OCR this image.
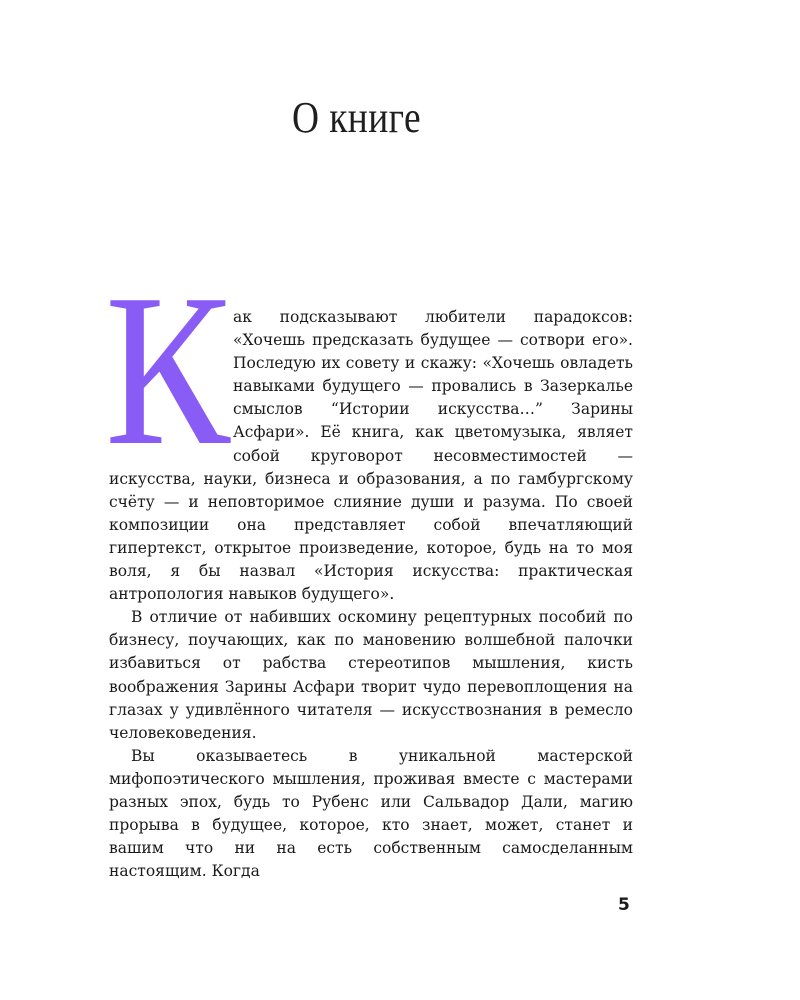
О книге

Как подсказывают любители парадоксов: «Хочешь предсказать будущее — сотвори его». Последую их совету и скажу: «Хочешь овладеть навыками будущего — провались в Зазеркалье смыслов “Истории искусства…” Зарины Асфари». Её книга, как цветомузыка, являет собой круговорот несовместимостей — искусства, науки, бизнеса и образования, а по гамбургскому счёту — и неповторимое слияние души и разума. По своей композиции она представляет собой впечатляющий гипертекст, открытое произведение, которое, будь на то моя воля, я бы назвал «История искусства: практическая антропология навыков будущего».

В отличие от набивших оскомину рецептурных пособий по бизнесу, поучающих, как по мановению волшебной палочки избавиться от рабства стереотипов мышления, кисть воображения Зарины Асфари творит чудо перевоплощения на глазах у удивлённого читателя — искусствознания в ремесло человековедения.

Вы оказываетесь в уникальной мастерской мифопоэтического мышления, проживая вместе с мастерами разных эпох, будь то Рубенс или Сальвадор Дали, магию прорыва в будущее, которое, кто знает, может, станет и вашим что ни на есть собственным самосделанным настоящим. Когда

5
